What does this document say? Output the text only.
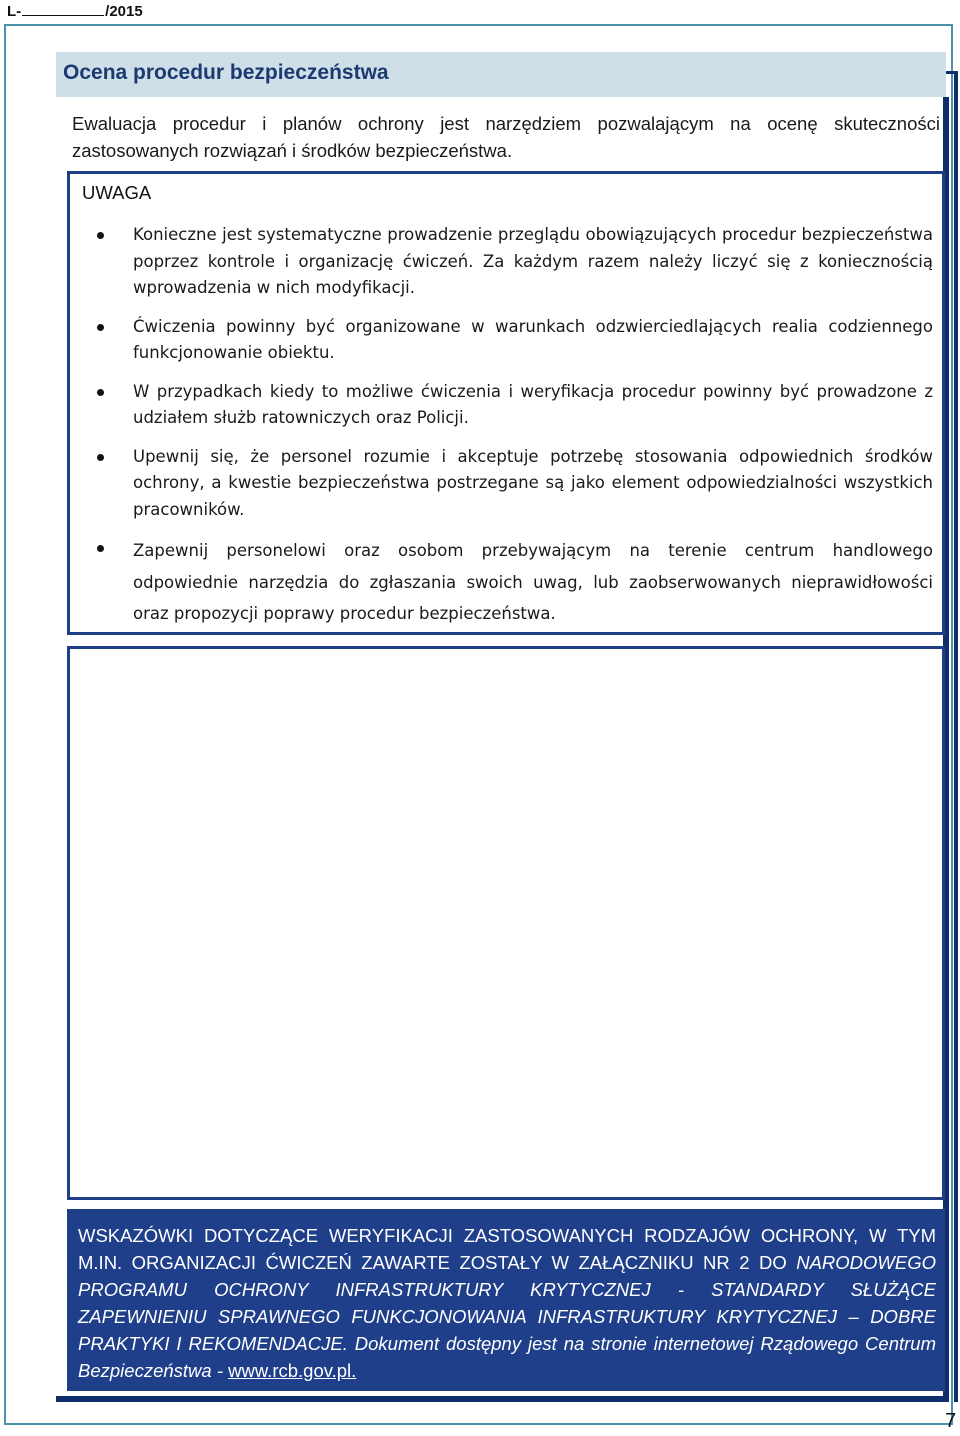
L-	/2015
Ocena procedur bezpieczeństwa
Ewaluacja procedur i planów ochrony jest narzędziem pozwalającym na ocenę skuteczności zastosowanych rozwiązań i środków bezpieczeństwa.
UWAGA
Konieczne jest systematyczne prowadzenie przeglądu obowiązujących procedur bezpieczeństwa poprzez kontrole i organizację ćwiczeń. Za każdym razem należy liczyć się z koniecznością wprowadzenia w nich modyfikacji.
Ćwiczenia powinny być organizowane w warunkach odzwierciedlających realia codziennego funkcjonowanie obiektu.
W przypadkach kiedy to możliwe ćwiczenia i weryfikacja procedur powinny być prowadzone z udziałem służb ratowniczych oraz Policji.
Upewnij się, że personel rozumie i akceptuje potrzebę stosowania odpowiednich środków ochrony, a kwestie bezpieczeństwa postrzegane są jako element odpowiedzialności wszystkich pracowników.
Zapewnij personelowi oraz osobom przebywającym na terenie centrum handlowego odpowiednie narzędzia do zgłaszania swoich uwag, lub zaobserwowanych nieprawidłowości oraz propozycji poprawy procedur bezpieczeństwa.
WSKAZÓWKI DOTYCZĄCE WERYFIKACJI ZASTOSOWANYCH RODZAJÓW OCHRONY, W TYM M.IN. ORGANIZACJI ĆWICZEŃ ZAWARTE ZOSTAŁY W ZAŁĄCZNIKU NR 2 DO NARODOWEGO PROGRAMU OCHRONY INFRASTRUKTURY KRYTYCZNEJ - STANDARDY SŁUŻĄCE ZAPEWNIENIU SPRAWNEGO FUNKCJONOWANIA INFRASTRUKTURY KRYTYCZNEJ – DOBRE PRAKTYKI I REKOMENDACJE. Dokument dostępny jest na stronie internetowej Rządowego Centrum Bezpieczeństwa - www.rcb.gov.pl.
7
